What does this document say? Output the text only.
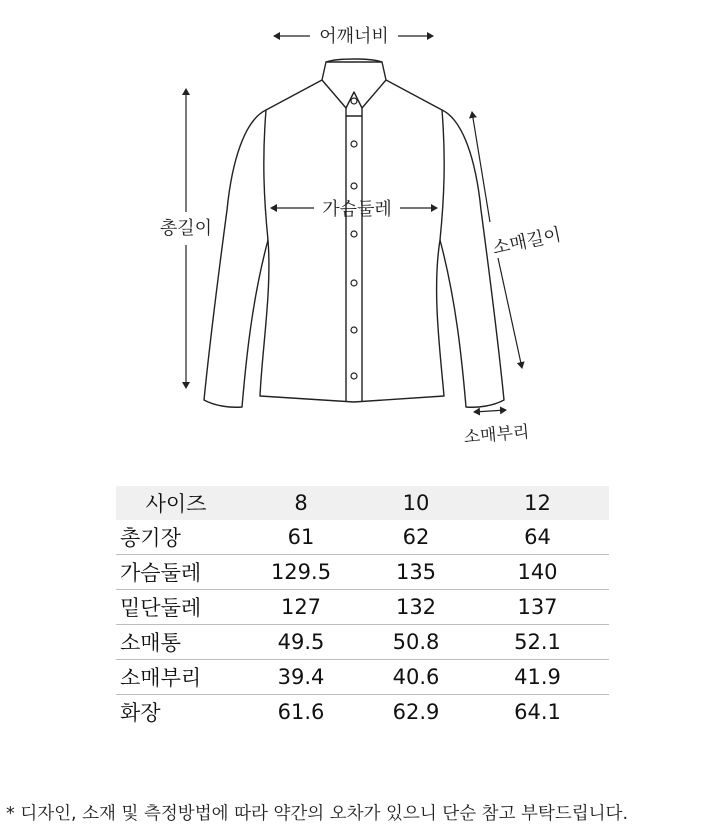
어깨너비
가슴둘레
총길이	소매길이
소매부리
사이즈	8	10	12
총기장	61	62	64
가슴둘레	129.5	135	140
밑단둘레	127	132	137
소매통	49.5	50.8	52.1
소매부리	39.4	40.6	41.9
화장	61.6	62.9	64.1
* 디자인, 소재 및 측정방법에 따라 약간의 오차가 있으니 단순 참고 부탁드립니다.
